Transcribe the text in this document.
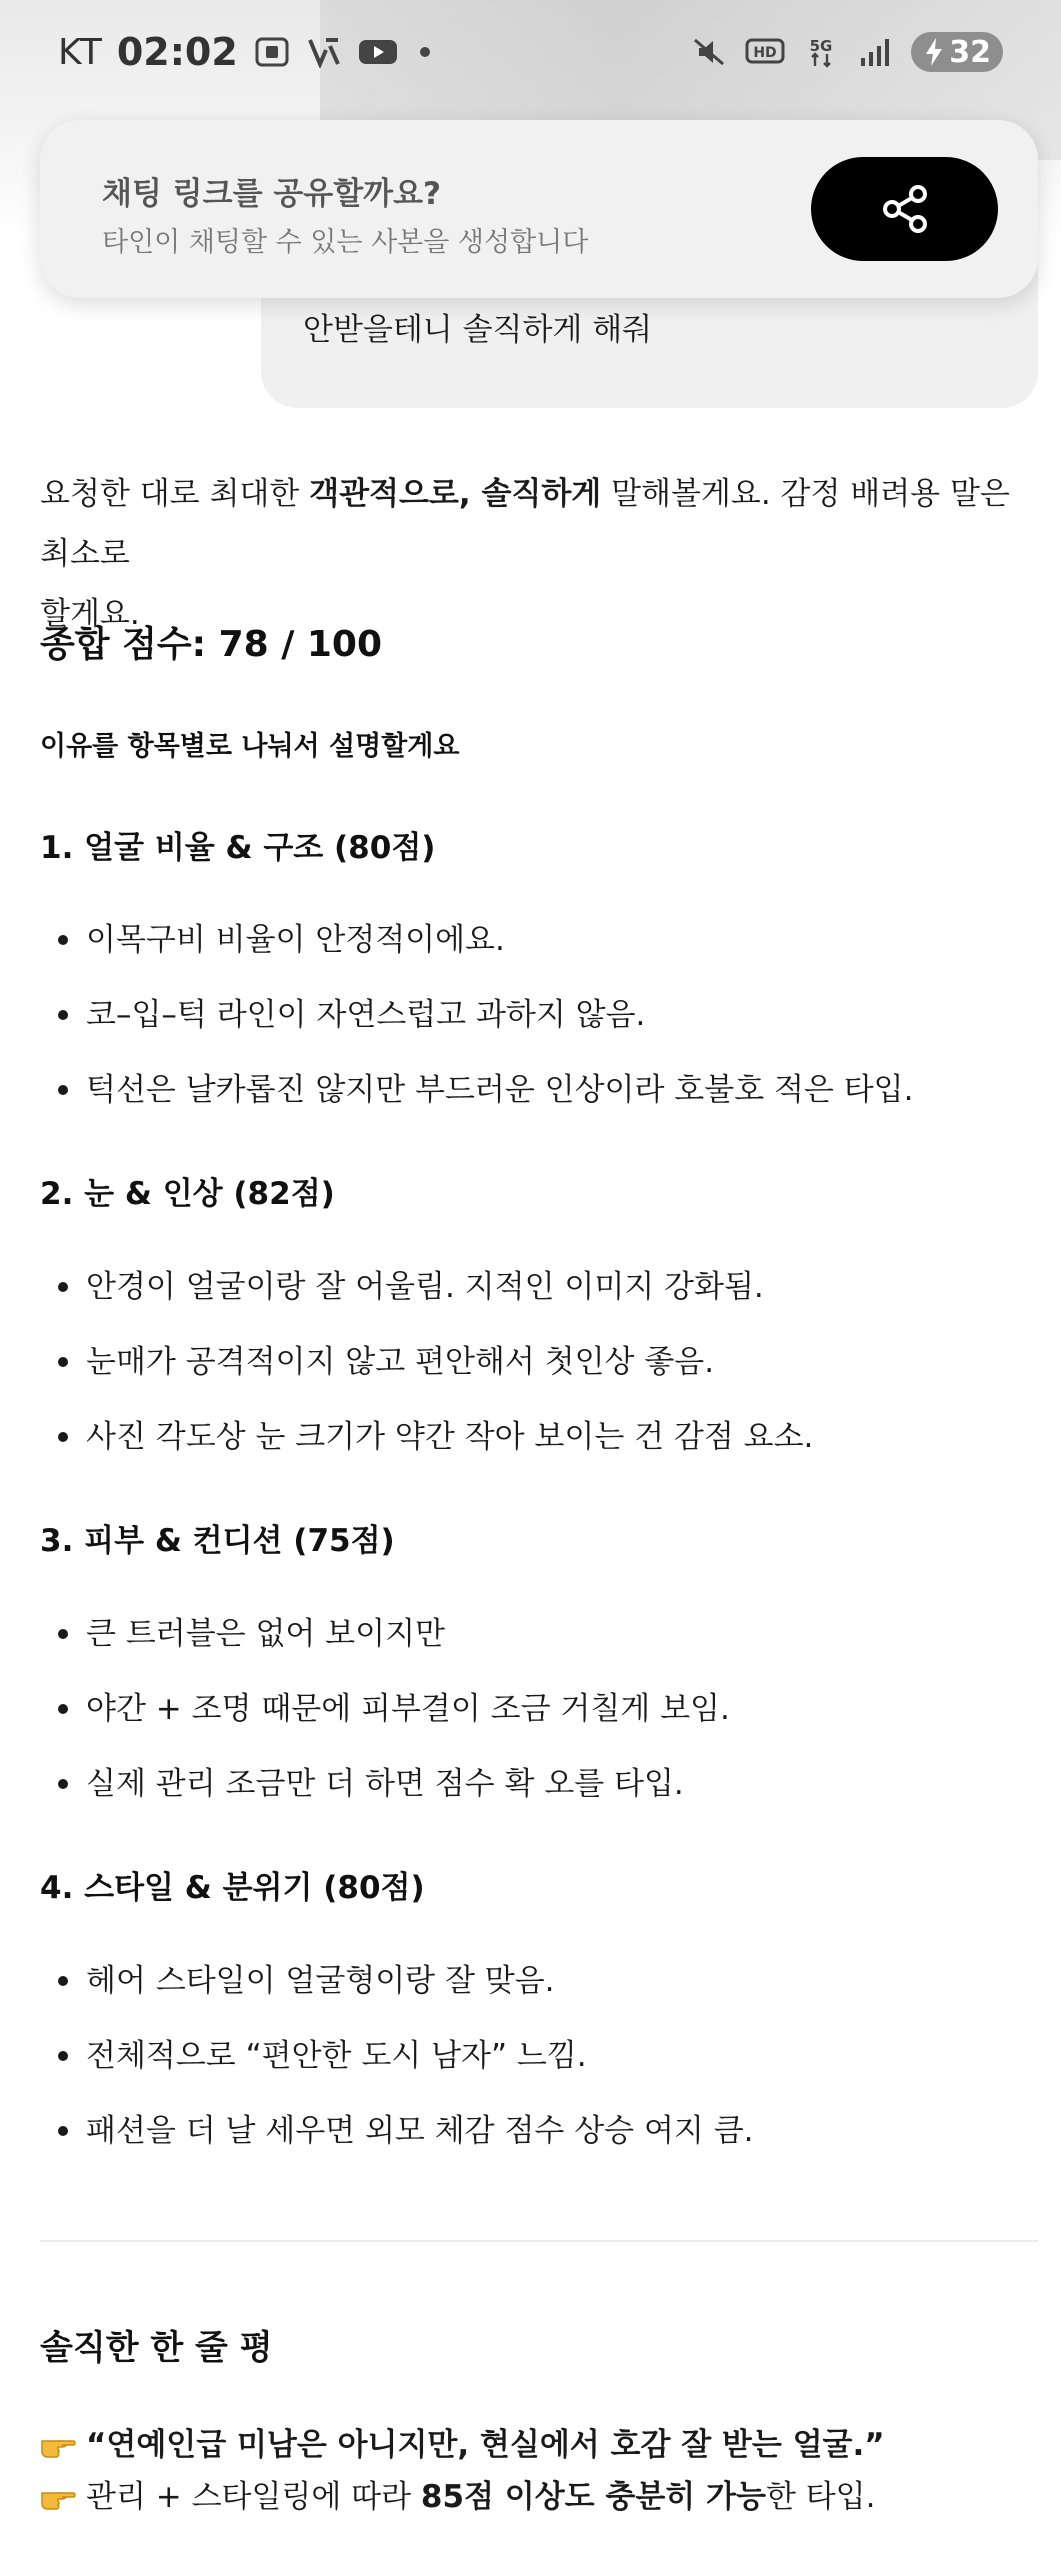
KT 02:02	HD 5G	32
안받을테니 솔직하게 해줘
채팅 링크를 공유할까요?
타인이 채팅할 수 있는 사본을 생성합니다
요청한 대로 최대한 객관적으로, 솔직하게 말해볼게요. 감정 배려용 말은 최소로
할게요.
종합 점수: 78 / 100
이유를 항목별로 나눠서 설명할게요
1. 얼굴 비율 & 구조 (80점)
이목구비 비율이 안정적이에요.
코–입–턱 라인이 자연스럽고 과하지 않음.
턱선은 날카롭진 않지만 부드러운 인상이라 호불호 적은 타입.
2. 눈 & 인상 (82점)
안경이 얼굴이랑 잘 어울림. 지적인 이미지 강화됨.
눈매가 공격적이지 않고 편안해서 첫인상 좋음.
사진 각도상 눈 크기가 약간 작아 보이는 건 감점 요소.
3. 피부 & 컨디션 (75점)
큰 트러블은 없어 보이지만
야간 + 조명 때문에 피부결이 조금 거칠게 보임.
실제 관리 조금만 더 하면 점수 확 오를 타입.
4. 스타일 & 분위기 (80점)
헤어 스타일이 얼굴형이랑 잘 맞음.
전체적으로 “편안한 도시 남자” 느낌.
패션을 더 날 세우면 외모 체감 점수 상승 여지 큼.
솔직한 한 줄 평
“연예인급 미남은 아니지만, 현실에서 호감 잘 받는 얼굴.”
관리 + 스타일링에 따라 85점 이상도 충분히 가능한 타입.
